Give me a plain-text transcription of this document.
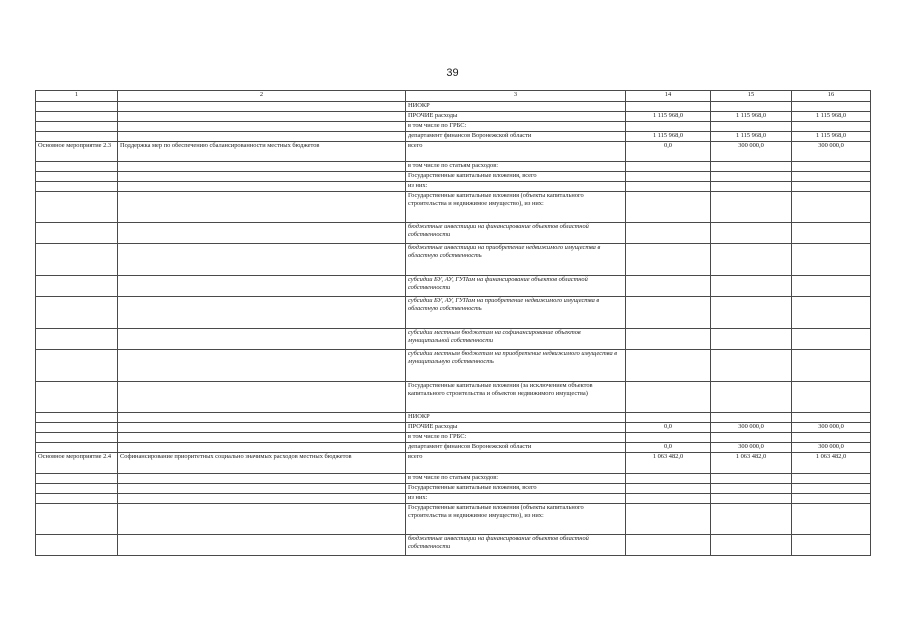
39
1	2	3	14	15	16
		НИОКР			
		ПРОЧИЕ расходы	1 115 968,0	1 115 968,0	1 115 968,0
		в том числе по ГРБС:			
		департамент финансов Воронежской области	1 115 968,0	1 115 968,0	1 115 968,0
Основное мероприятие 2.3	Поддержка мер по обеспечению сбалансированности местных бюджетов	всего	0,0	300 000,0	300 000,0
		в том числе по статьям расходов:			
		Государственные капитальные вложения, всего			
		из них:			
		Государственные капитальные вложения (объекты капитального строительства и недвижимое имущество), из них:			
		бюджетные инвестиции на финансирование объектов областной собственности			
		бюджетные инвестиции на приобретение недвижимого имущества в областную собственность			
		субсидии БУ, АУ, ГУПам на финансирование объектов областной собственности			
		субсидии БУ, АУ, ГУПам на приобретение недвижимого имущества в областную собственность			
		субсидии местным бюджетам на софинансирование объектов муниципальной собственности			
		субсидии местным бюджетам на приобретение недвижимого имущества в муниципальную собственность			
		Государственные капитальные вложения (за исключением объектов капитального строительства и объектов недвижимого имущества)			
		НИОКР			
		ПРОЧИЕ расходы	0,0	300 000,0	300 000,0
		в том числе по ГРБС:			
		департамент финансов Воронежской области	0,0	300 000,0	300 000,0
Основное мероприятие 2.4	Софинансирование приоритетных социально значимых расходов местных бюджетов	всего	1 063 482,0	1 063 482,0	1 063 482,0
		в том числе по статьям расходов:			
		Государственные капитальные вложения, всего			
		из них:			
		Государственные капитальные вложения (объекты капитального строительства и недвижимое имущество), из них:			
		бюджетные инвестиции на финансирование объектов областной собственности			
